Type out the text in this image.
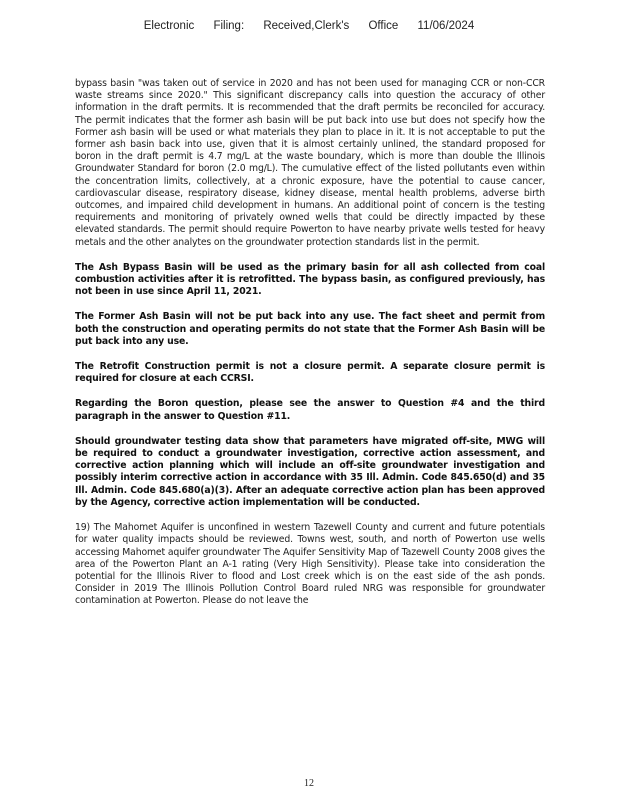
Electronic Filing: Received,Clerk's Office 11/06/2024

bypass basin "was taken out of service in 2020 and has not been used for managing CCR or non-CCR waste streams since 2020." This significant discrepancy calls into question the accuracy of other information in the draft permits. It is recommended that the draft permits be reconciled for accuracy. The permit indicates that the former ash basin will be put back into use but does not specify how the Former ash basin will be used or what materials they plan to place in it. It is not acceptable to put the former ash basin back into use, given that it is almost certainly unlined, the standard proposed for boron in the draft permit is 4.7 mg/L at the waste boundary, which is more than double the Illinois Groundwater Standard for boron (2.0 mg/L). The cumulative effect of the listed pollutants even within the concentration limits, collectively, at a chronic exposure, have the potential to cause cancer, cardiovascular disease, respiratory disease, kidney disease, mental health problems, adverse birth outcomes, and impaired child development in humans. An additional point of concern is the testing requirements and monitoring of privately owned wells that could be directly impacted by these elevated standards. The permit should require Powerton to have nearby private wells tested for heavy metals and the other analytes on the groundwater protection standards list in the permit.

The Ash Bypass Basin will be used as the primary basin for all ash collected from coal combustion activities after it is retrofitted. The bypass basin, as configured previously, has not been in use since April 11, 2021.

The Former Ash Basin will not be put back into any use. The fact sheet and permit from both the construction and operating permits do not state that the Former Ash Basin will be put back into any use.

The Retrofit Construction permit is not a closure permit. A separate closure permit is required for closure at each CCRSI.

Regarding the Boron question, please see the answer to Question #4 and the third paragraph in the answer to Question #11.

Should groundwater testing data show that parameters have migrated off-site, MWG will be required to conduct a groundwater investigation, corrective action assessment, and corrective action planning which will include an off-site groundwater investigation and possibly interim corrective action in accordance with 35 Ill. Admin. Code 845.650(d) and 35 Ill. Admin. Code 845.680(a)(3). After an adequate corrective action plan has been approved by the Agency, corrective action implementation will be conducted.

19) The Mahomet Aquifer is unconfined in western Tazewell County and current and future potentials for water quality impacts should be reviewed. Towns west, south, and north of Powerton use wells accessing Mahomet aquifer groundwater The Aquifer Sensitivity Map of Tazewell County 2008 gives the area of the Powerton Plant an A-1 rating (Very High Sensitivity). Please take into consideration the potential for the Illinois River to flood and Lost creek which is on the east side of the ash ponds. Consider in 2019 The Illinois Pollution Control Board ruled NRG was responsible for groundwater contamination at Powerton. Please do not leave the

12
